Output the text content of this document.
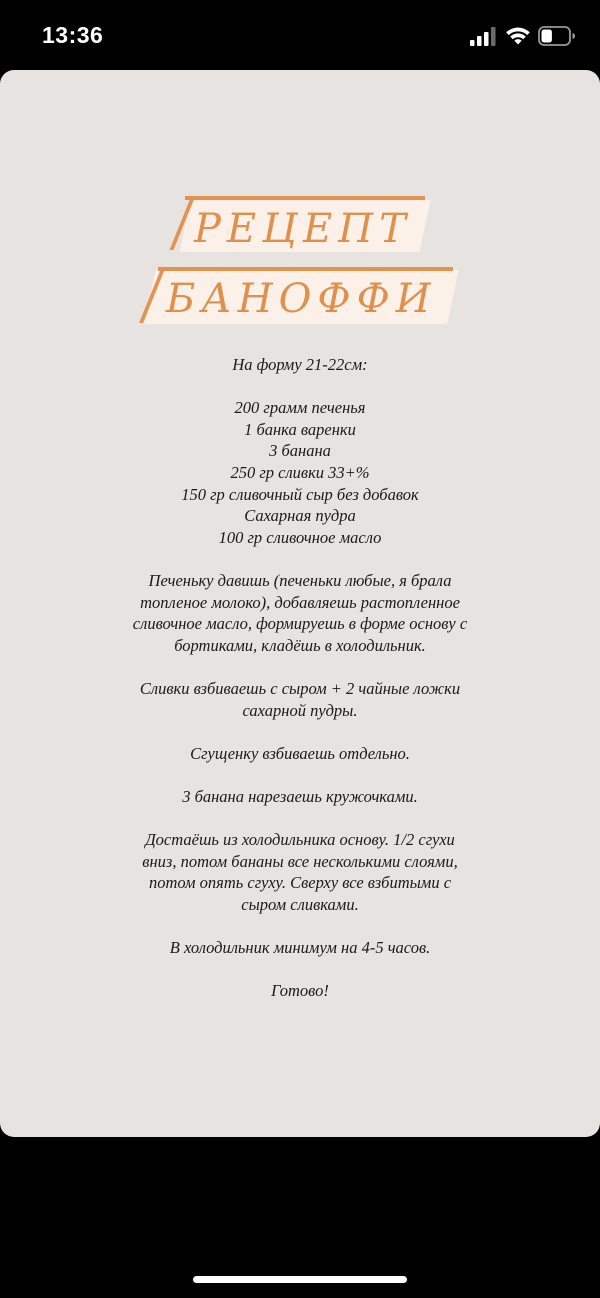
13:36
РЕЦЕПТ
БАНОФФИ
На форму 21-22см:
200 грамм печенья
1 банка варенки
3 банана
250 гр сливки 33+%
150 гр сливочный сыр без добавок
Сахарная пудра
100 гр сливочное масло
Печеньку давишь (печеньки любые, я брала
топленое молоко), добавляешь растопленное
сливочное масло, формируешь в форме основу с
бортиками, кладёшь в холодильник.
Сливки взбиваешь с сыром + 2 чайные ложки
сахарной пудры.
Сгущенку взбиваешь отдельно.
3 банана нарезаешь кружочками.
Достаёшь из холодильника основу. 1/2 сгухи
вниз, потом бананы все несколькими слоями,
потом опять сгуху. Сверху все взбитыми с
сыром сливками.
В холодильник минимум на 4-5 часов.
Готово!
